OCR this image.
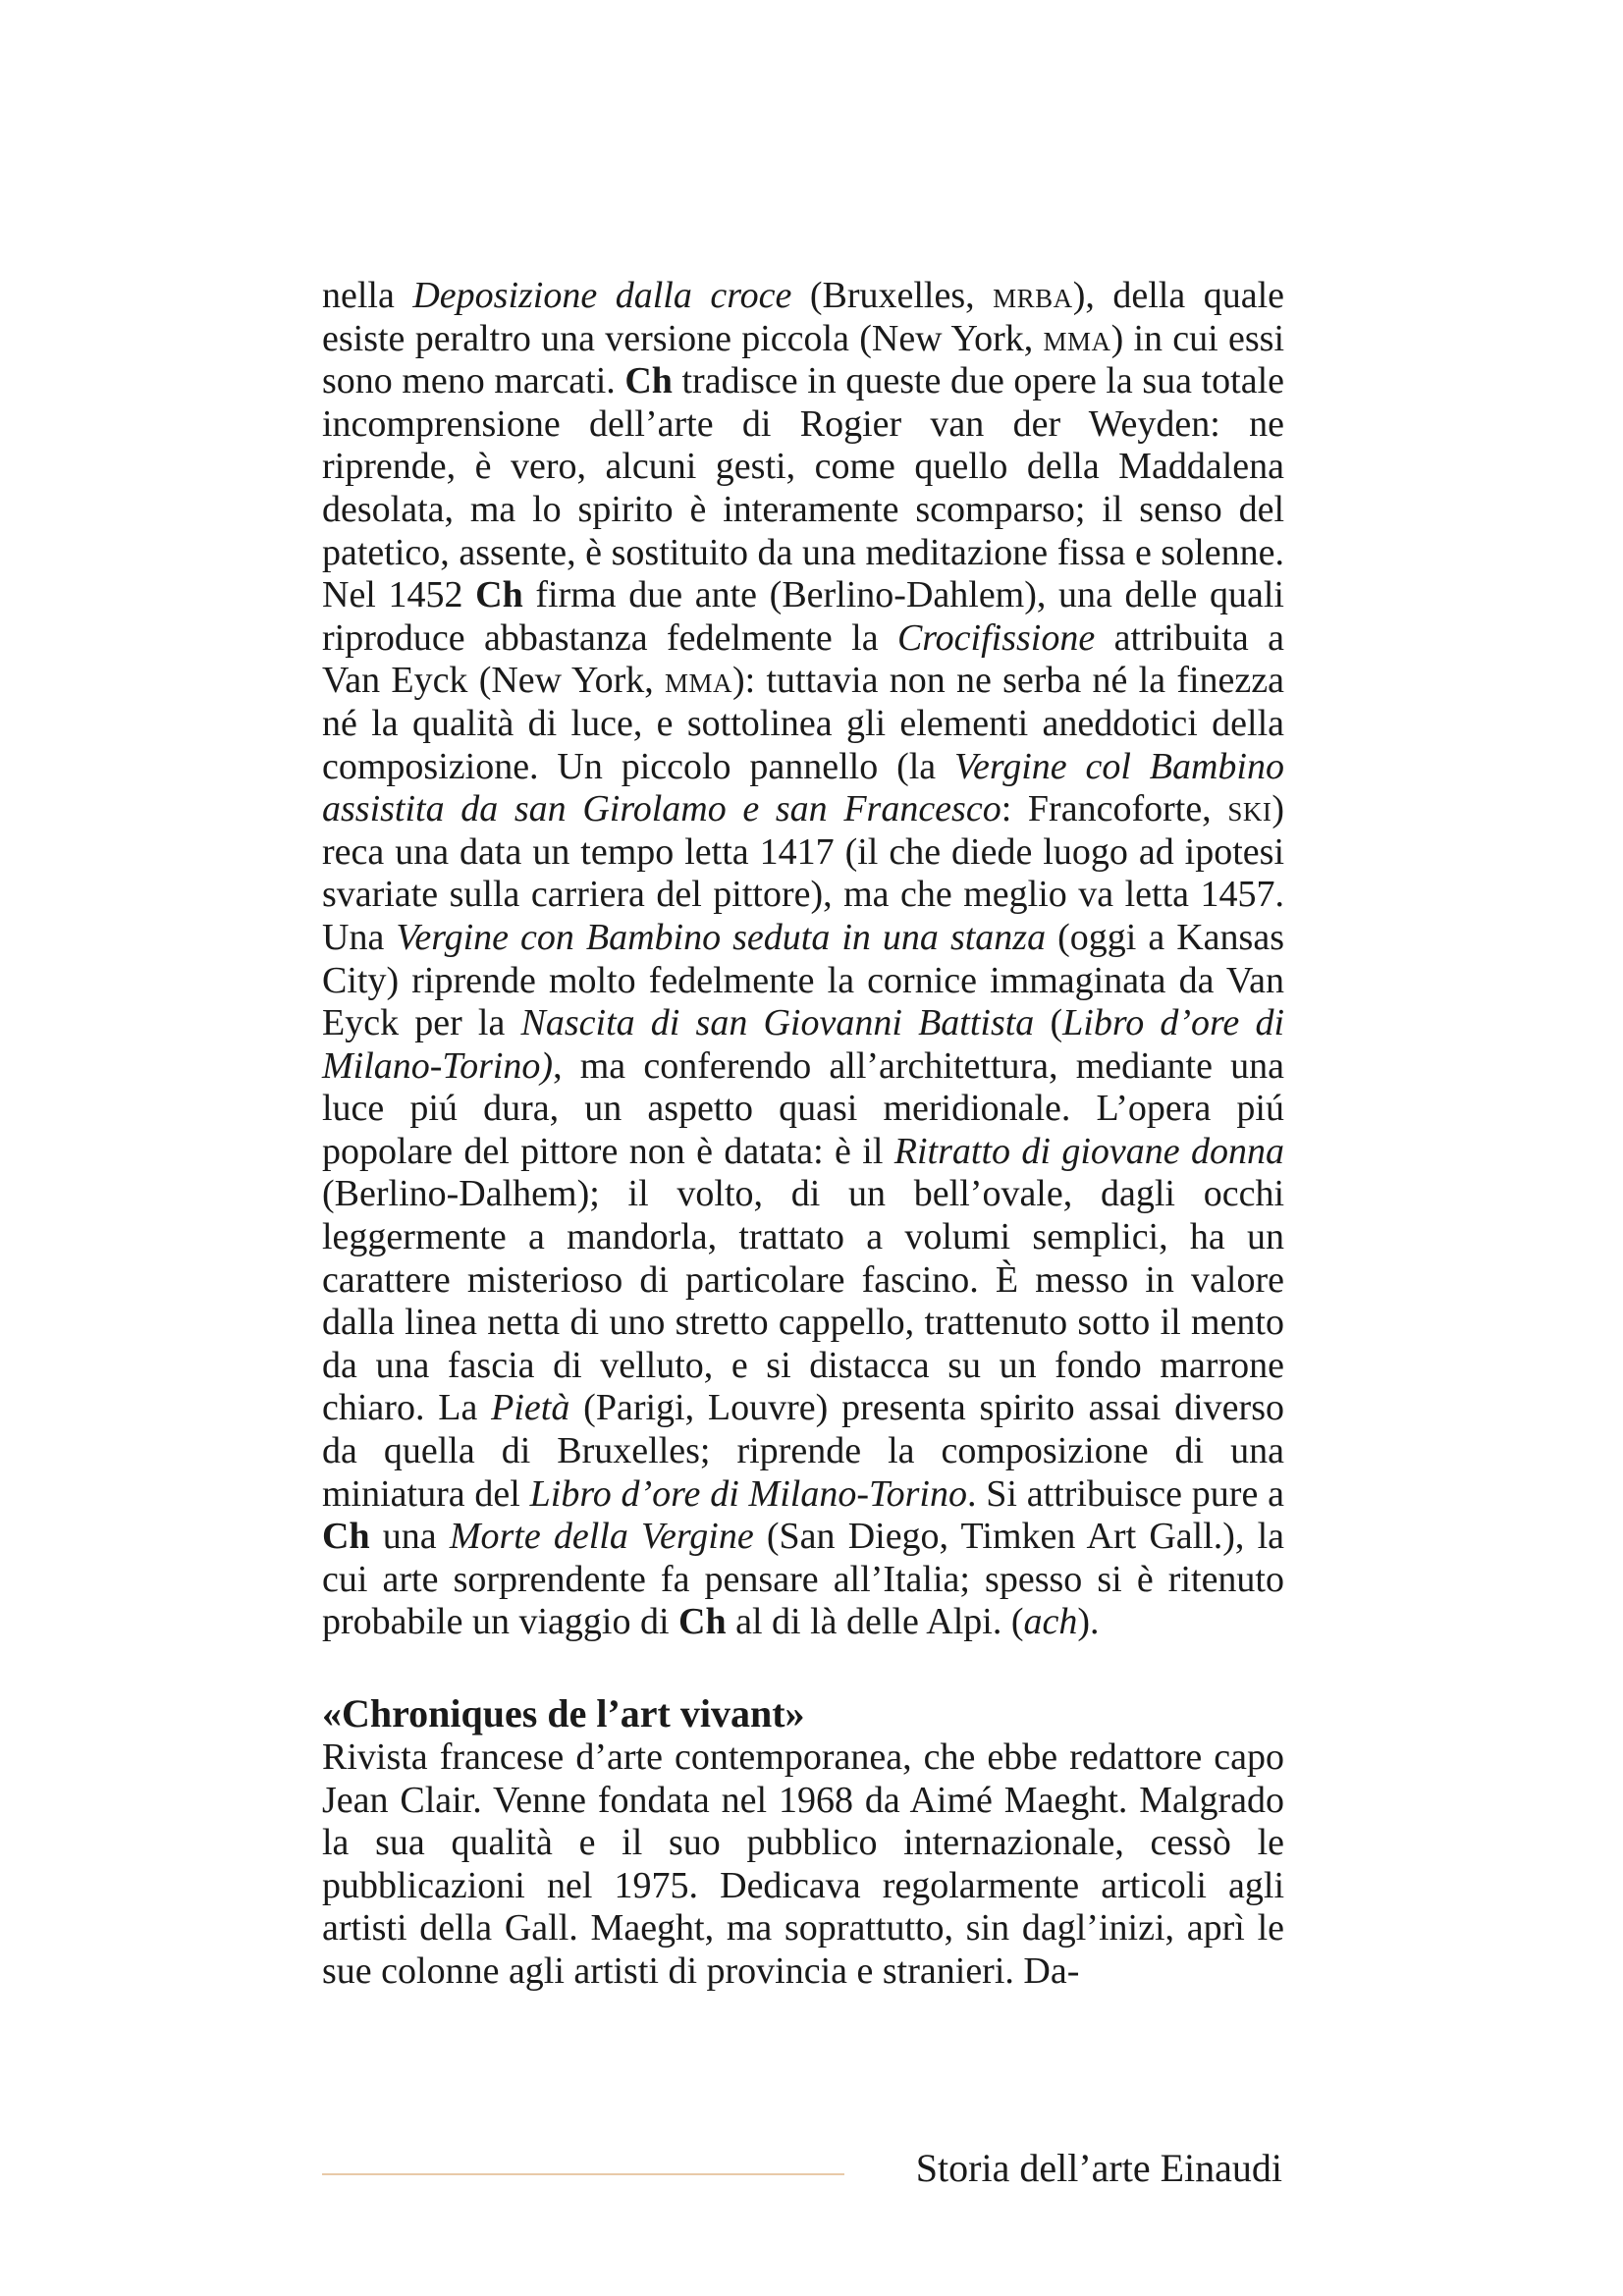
nella Deposizione dalla croce (Bruxelles, mrba), della quale esiste peraltro una versione piccola (New York, mma) in cui essi sono meno marcati. Ch tradisce in queste due opere la sua totale incomprensione dell’arte di Rogier van der Weyden: ne riprende, è vero, alcuni gesti, come quello della Maddalena desolata, ma lo spirito è interamente scomparso; il senso del patetico, assente, è sostituito da una meditazione fissa e solenne. Nel 1452 Ch firma due ante (Berlino-Dahlem), una delle quali riproduce abbastanza fedelmente la Crocifissione attribuita a Van Eyck (New York, mma): tuttavia non ne serba né la finezza né la qualità di luce, e sottolinea gli elementi aneddotici della composizione. Un piccolo pannello (la Vergine col Bambino assistita da san Girolamo e san Francesco: Francoforte, ski) reca una data un tempo letta 1417 (il che diede luogo ad ipotesi svariate sulla carriera del pittore), ma che meglio va letta 1457. Una Vergine con Bambino seduta in una stanza (oggi a Kansas City) riprende molto fedelmente la cornice immaginata da Van Eyck per la Nascita di san Giovanni Battista (Libro d’ore di Milano-Torino), ma conferendo all’architettura, mediante una luce piú dura, un aspetto quasi meridionale. L’opera piú popolare del pittore non è datata: è il Ritratto di giovane donna (Berlino-Dalhem); il volto, di un bell’ovale, dagli occhi leggermente a mandorla, trattato a volumi semplici, ha un carattere misterioso di particolare fascino. È messo in valore dalla linea netta di uno stretto cappello, trattenuto sotto il mento da una fascia di velluto, e si distacca su un fondo marrone chiaro. La Pietà (Parigi, Louvre) presenta spirito assai diverso da quella di Bruxelles; riprende la composizione di una miniatura del Libro d’ore di Milano-Torino. Si attribuisce pure a Ch una Morte della Vergine (San Diego, Timken Art Gall.), la cui arte sorprendente fa pensare all’Italia; spesso si è ritenuto probabile un viaggio di Ch al di là delle Alpi. (ach).

«Chroniques de l’art vivant»

Rivista francese d’arte contemporanea, che ebbe redattore capo Jean Clair. Venne fondata nel 1968 da Aimé Maeght. Malgrado la sua qualità e il suo pubblico internazionale, cessò le pubblicazioni nel 1975. Dedicava regolarmente articoli agli artisti della Gall. Maeght, ma soprattutto, sin dagl’inizi, aprì le sue colonne agli artisti di provincia e stranieri. Da-

Storia dell’arte Einaudi
